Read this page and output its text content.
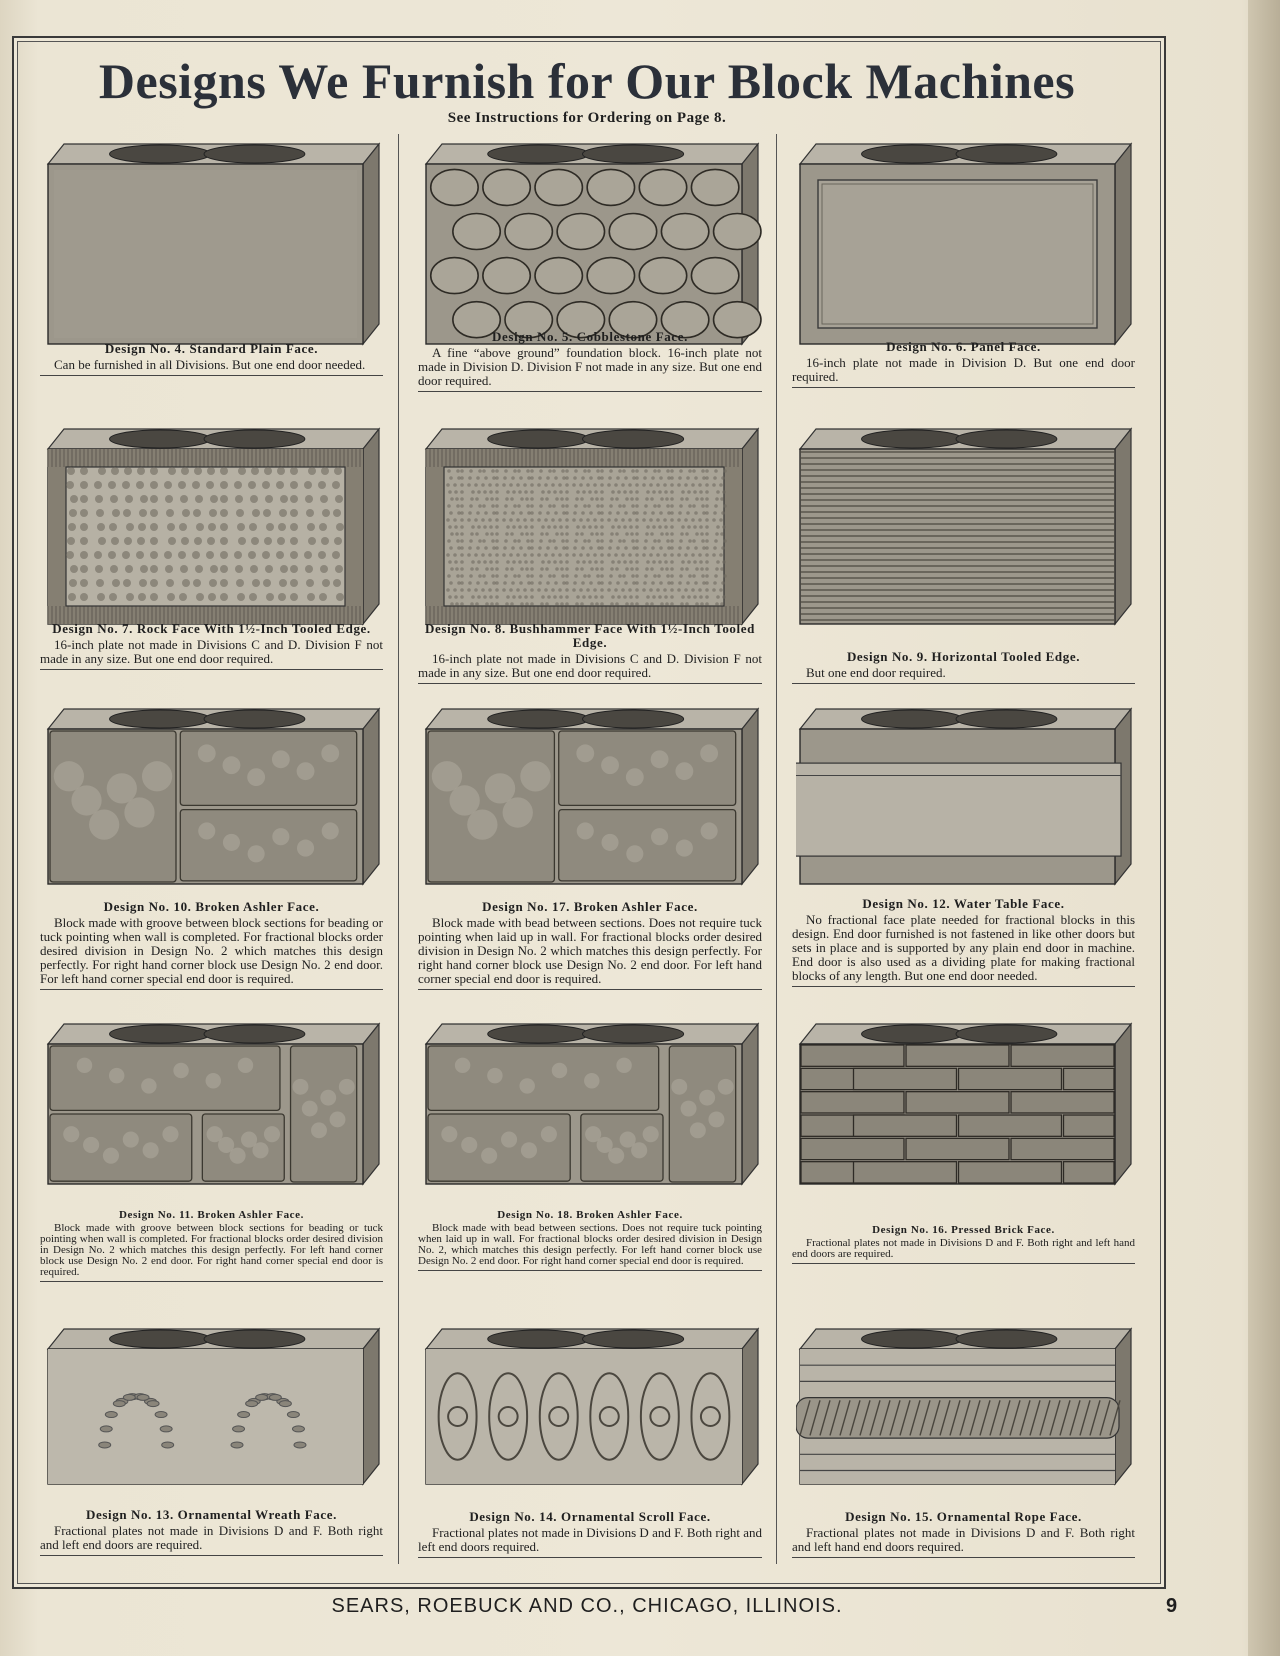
Designs We Furnish for Our Block Machines
See Instructions for Ordering on Page 8.
Design No. 4. Standard Plain Face.
Can be furnished in all Divisions. But one end door needed.
Design No. 5. Cobblestone Face.
A fine “above ground” foundation block. 16-inch plate not made in Division D. Division F not made in any size. But one end door required.
Design No. 6. Panel Face.
16-inch plate not made in Division D. But one end door required.
Design No. 7. Rock Face With 1½-Inch Tooled Edge.
16-inch plate not made in Divisions C and D. Division F not made in any size. But one end door required.
Design No. 8. Bushhammer Face With 1½-Inch Tooled Edge.
16-inch plate not made in Divisions C and D. Division F not made in any size. But one end door required.
Design No. 9. Horizontal Tooled Edge.
But one end door required.
Design No. 10. Broken Ashler Face.
Block made with groove between block sections for beading or tuck pointing when wall is completed. For fractional blocks order desired division in Design No. 2 which matches this design perfectly. For right hand corner block use Design No. 2 end door. For left hand corner special end door is required.
Design No. 17. Broken Ashler Face.
Block made with bead between sections. Does not require tuck pointing when laid up in wall. For fractional blocks order desired division in Design No. 2 which matches this design perfectly. For right hand corner block use Design No. 2 end door. For left hand corner special end door is required.
Design No. 12. Water Table Face.
No fractional face plate needed for fractional blocks in this design. End door furnished is not fastened in like other doors but sets in place and is supported by any plain end door in machine. End door is also used as a dividing plate for making fractional blocks of any length. But one end door needed.
Design No. 11. Broken Ashler Face.
Block made with groove between block sections for beading or tuck pointing when wall is completed. For fractional blocks order desired division in Design No. 2 which matches this design perfectly. For left hand corner block use Design No. 2 end door. For right hand corner special end door is required.
Design No. 18. Broken Ashler Face.
Block made with bead between sections. Does not require tuck pointing when laid up in wall. For fractional blocks order desired division in Design No. 2, which matches this design perfectly. For left hand corner block use Design No. 2 end door. For right hand corner special end door is required.
Design No. 16. Pressed Brick Face.
Fractional plates not made in Divisions D and F. Both right and left hand end doors are required.
Design No. 13. Ornamental Wreath Face.
Fractional plates not made in Divisions D and F. Both right and left end doors are required.
Design No. 14. Ornamental Scroll Face.
Fractional plates not made in Divisions D and F. Both right and left end doors required.
Design No. 15. Ornamental Rope Face.
Fractional plates not made in Divisions D and F. Both right and left hand end doors required.
SEARS, ROEBUCK AND CO., CHICAGO, ILLINOIS.	9
